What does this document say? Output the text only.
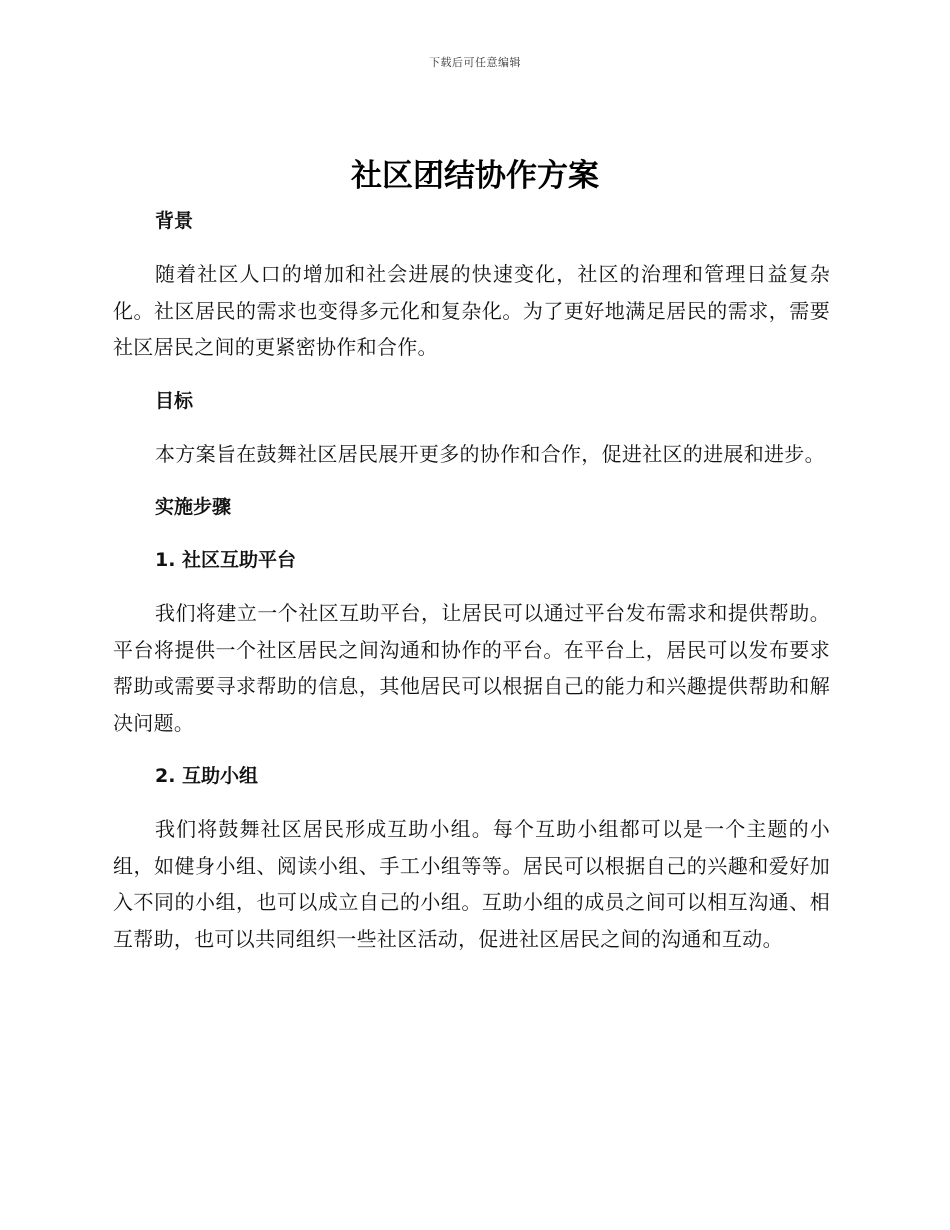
下载后可任意编辑
社区团结协作方案
背景

随着社区人口的增加和社会进展的快速变化，社区的治理和管理日益复杂化。社区居民的需求也变得多元化和复杂化。为了更好地满足居民的需求，需要社区居民之间的更紧密协作和合作。

目标

本方案旨在鼓舞社区居民展开更多的协作和合作，促进社区的进展和进步。

实施步骤
1. 社区互助平台

我们将建立一个社区互助平台，让居民可以通过平台发布需求和提供帮助。平台将提供一个社区居民之间沟通和协作的平台。在平台上，居民可以发布要求帮助或需要寻求帮助的信息，其他居民可以根据自己的能力和兴趣提供帮助和解决问题。

2. 互助小组

我们将鼓舞社区居民形成互助小组。每个互助小组都可以是一个主题的小组，如健身小组、阅读小组、手工小组等等。居民可以根据自己的兴趣和爱好加入不同的小组，也可以成立自己的小组。互助小组的成员之间可以相互沟通、相互帮助，也可以共同组织一些社区活动，促进社区居民之间的沟通和互动。
